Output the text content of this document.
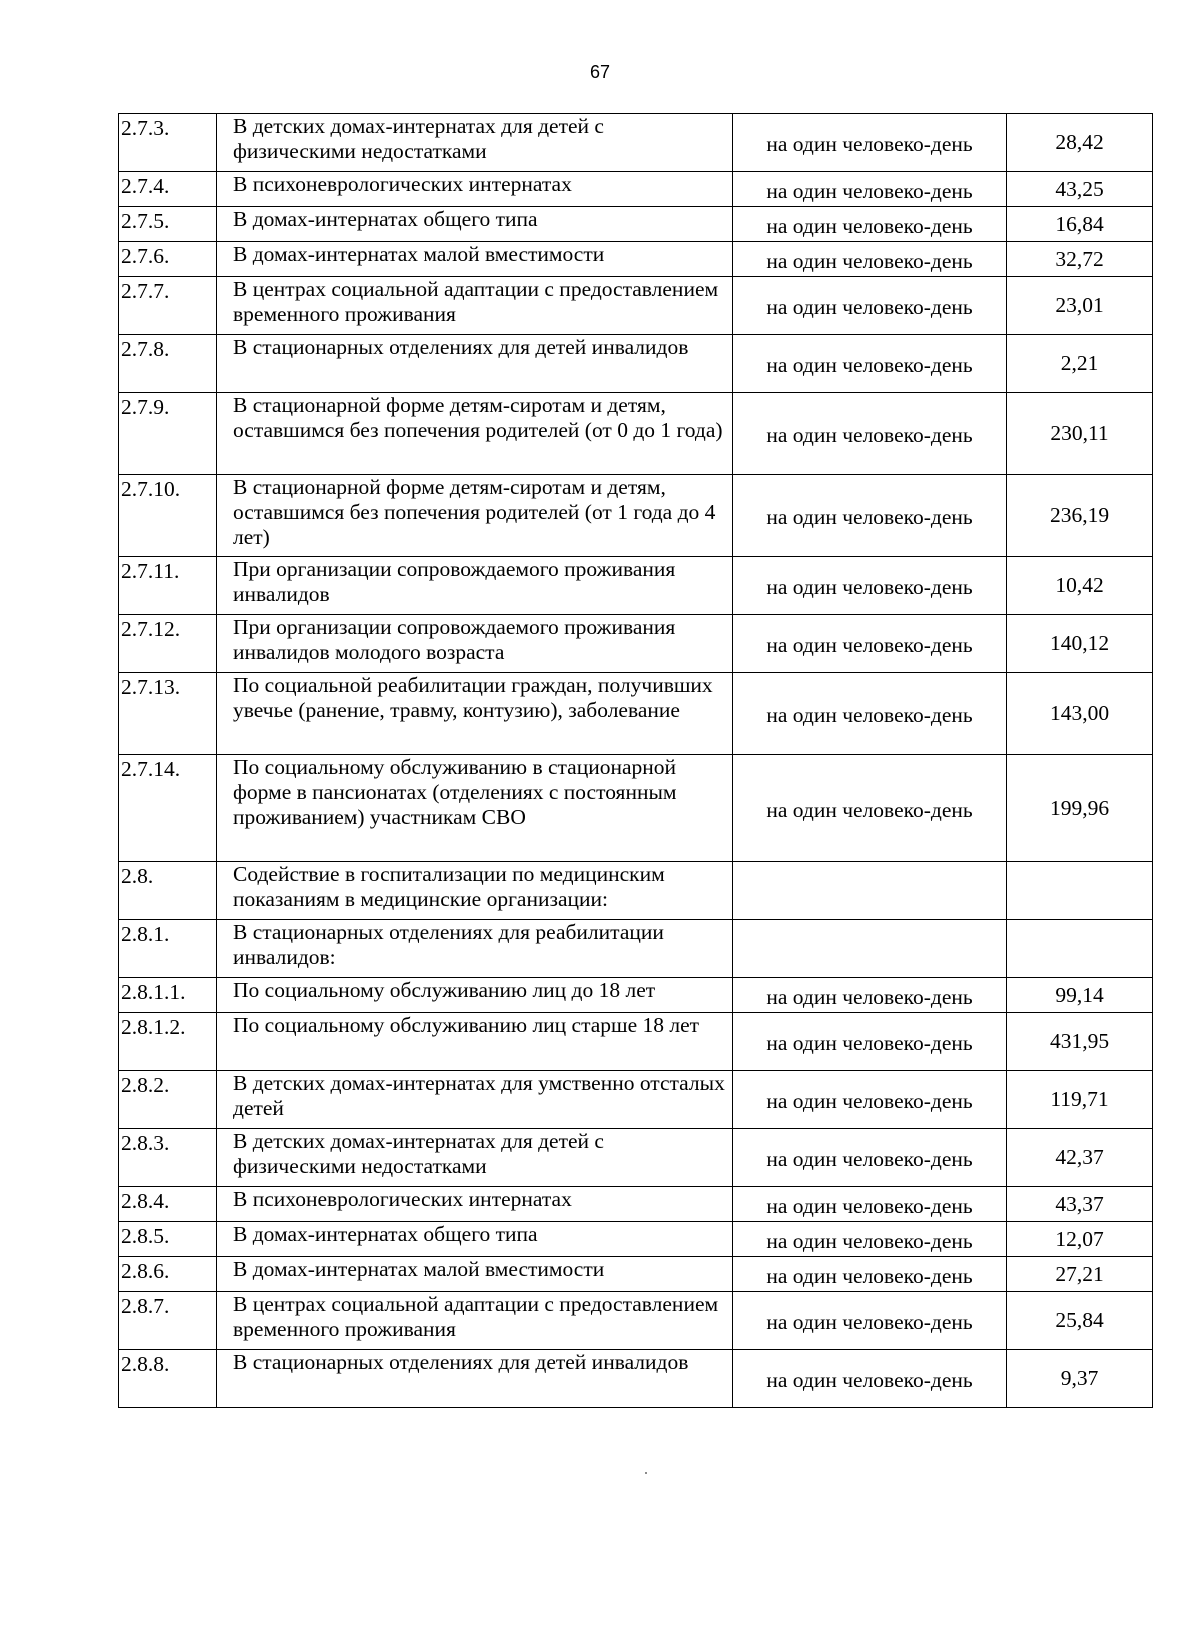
67
2.7.3.	В детских домах-интернатах для детей с физическими недостатками	на один человеко-день	28,42
2.7.4.	В психоневрологических интернатах	на один человеко-день	43,25
2.7.5.	В домах-интернатах общего типа	на один человеко-день	16,84
2.7.6.	В домах-интернатах малой вместимости	на один человеко-день	32,72
2.7.7.	В центрах социальной адаптации с предоставлением временного проживания	на один человеко-день	23,01
2.7.8.	В стационарных отделениях для детей инвалидов	на один человеко-день	2,21
2.7.9.	В стационарной форме детям-сиротам и детям, оставшимся без попечения родителей (от 0 до 1 года)	на один человеко-день	230,11
2.7.10.	В стационарной форме детям-сиротам и детям, оставшимся без попечения родителей (от 1 года до 4 лет)	на один человеко-день	236,19
2.7.11.	При организации сопровождаемого проживания инвалидов	на один человеко-день	10,42
2.7.12.	При организации сопровождаемого проживания инвалидов молодого возраста	на один человеко-день	140,12
2.7.13.	По социальной реабилитации граждан, получивших увечье (ранение, травму, контузию), заболевание	на один человеко-день	143,00
2.7.14.	По социальному обслуживанию в стационарной форме в пансионатах (отделениях с постоянным проживанием) участникам СВО	на один человеко-день	199,96
2.8.	Содействие в госпитализации по медицинским показаниям в медицинские организации:		
2.8.1.	В стационарных отделениях для реабилитации инвалидов:		
2.8.1.1.	По социальному обслуживанию лиц до 18 лет	на один человеко-день	99,14
2.8.1.2.	По социальному обслуживанию лиц старше 18 лет	на один человеко-день	431,95
2.8.2.	В детских домах-интернатах для умственно отсталых детей	на один человеко-день	119,71
2.8.3.	В детских домах-интернатах для детей с физическими недостатками	на один человеко-день	42,37
2.8.4.	В психоневрологических интернатах	на один человеко-день	43,37
2.8.5.	В домах-интернатах общего типа	на один человеко-день	12,07
2.8.6.	В домах-интернатах малой вместимости	на один человеко-день	27,21
2.8.7.	В центрах социальной адаптации с предоставлением временного проживания	на один человеко-день	25,84
2.8.8.	В стационарных отделениях для детей инвалидов	на один человеко-день	9,37
